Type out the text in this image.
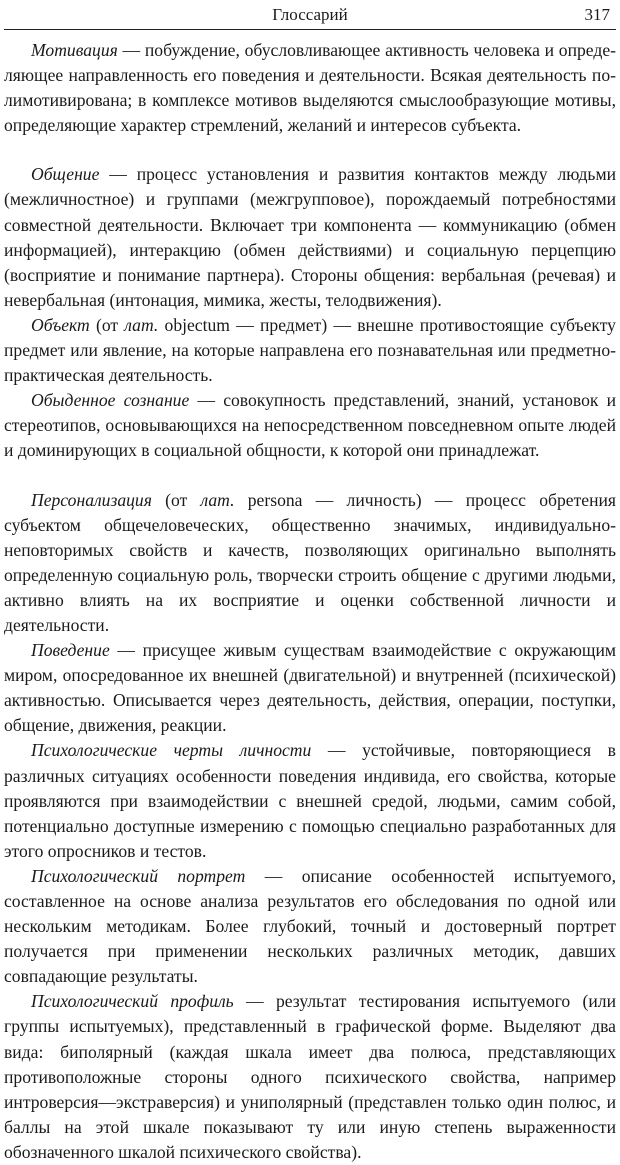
Глоссарий	317

Мотивация — побуждение, обусловливающее активность человека и определяющее направленность его поведения и деятельности. Всякая деятельность полимотивирована; в комплексе мотивов выделяются смыслообразующие мотивы, определяющие характер стремлений, желаний и интересов субъекта.

Общение — процесс установления и развития контактов между людьми (межличностное) и группами (межгрупповое), порождаемый потребностями совместной деятельности. Включает три компонента — коммуникацию (обмен информацией), интеракцию (обмен действиями) и социальную перцепцию (восприятие и понимание партнера). Стороны общения: вербальная (речевая) и невербальная (интонация, мимика, жесты, телодвижения).

Объект (от лат. objectum — предмет) — внешне противостоящие субъекту предмет или явление, на которые направлена его познавательная или предметно-практическая деятельность.

Обыденное сознание — совокупность представлений, знаний, установок и стереотипов, основывающихся на непосредственном повседневном опыте людей и доминирующих в социальной общности, к которой они принадлежат.

Персонализация (от лат. persona — личность) — процесс обретения субъектом общечеловеческих, общественно значимых, индивидуально-неповторимых свойств и качеств, позволяющих оригинально выполнять определенную социальную роль, творчески строить общение с другими людьми, активно влиять на их восприятие и оценки собственной личности и деятельности.

Поведение — присущее живым существам взаимодействие с окружающим миром, опосредованное их внешней (двигательной) и внутренней (психической) активностью. Описывается через деятельность, действия, операции, поступки, общение, движения, реакции.

Психологические черты личности — устойчивые, повторяющиеся в различных ситуациях особенности поведения индивида, его свойства, которые проявляются при взаимодействии с внешней средой, людьми, самим собой, потенциально доступные измерению с помощью специально разработанных для этого опросников и тестов.

Психологический портрет — описание особенностей испытуемого, составленное на основе анализа результатов его обследования по одной или нескольким методикам. Более глубокий, точный и достоверный портрет получается при применении нескольких различных методик, давших совпадающие результаты.

Психологический профиль — результат тестирования испытуемого (или группы испытуемых), представленный в графической форме. Выделяют два вида: биполярный (каждая шкала имеет два полюса, представляющих противоположные стороны одного психического свойства, например интроверсия—экстраверсия) и униполярный (представлен только один полюс, и баллы на этой шкале показывают ту или иную степень выраженности обозначенного шкалой психического свойства).
